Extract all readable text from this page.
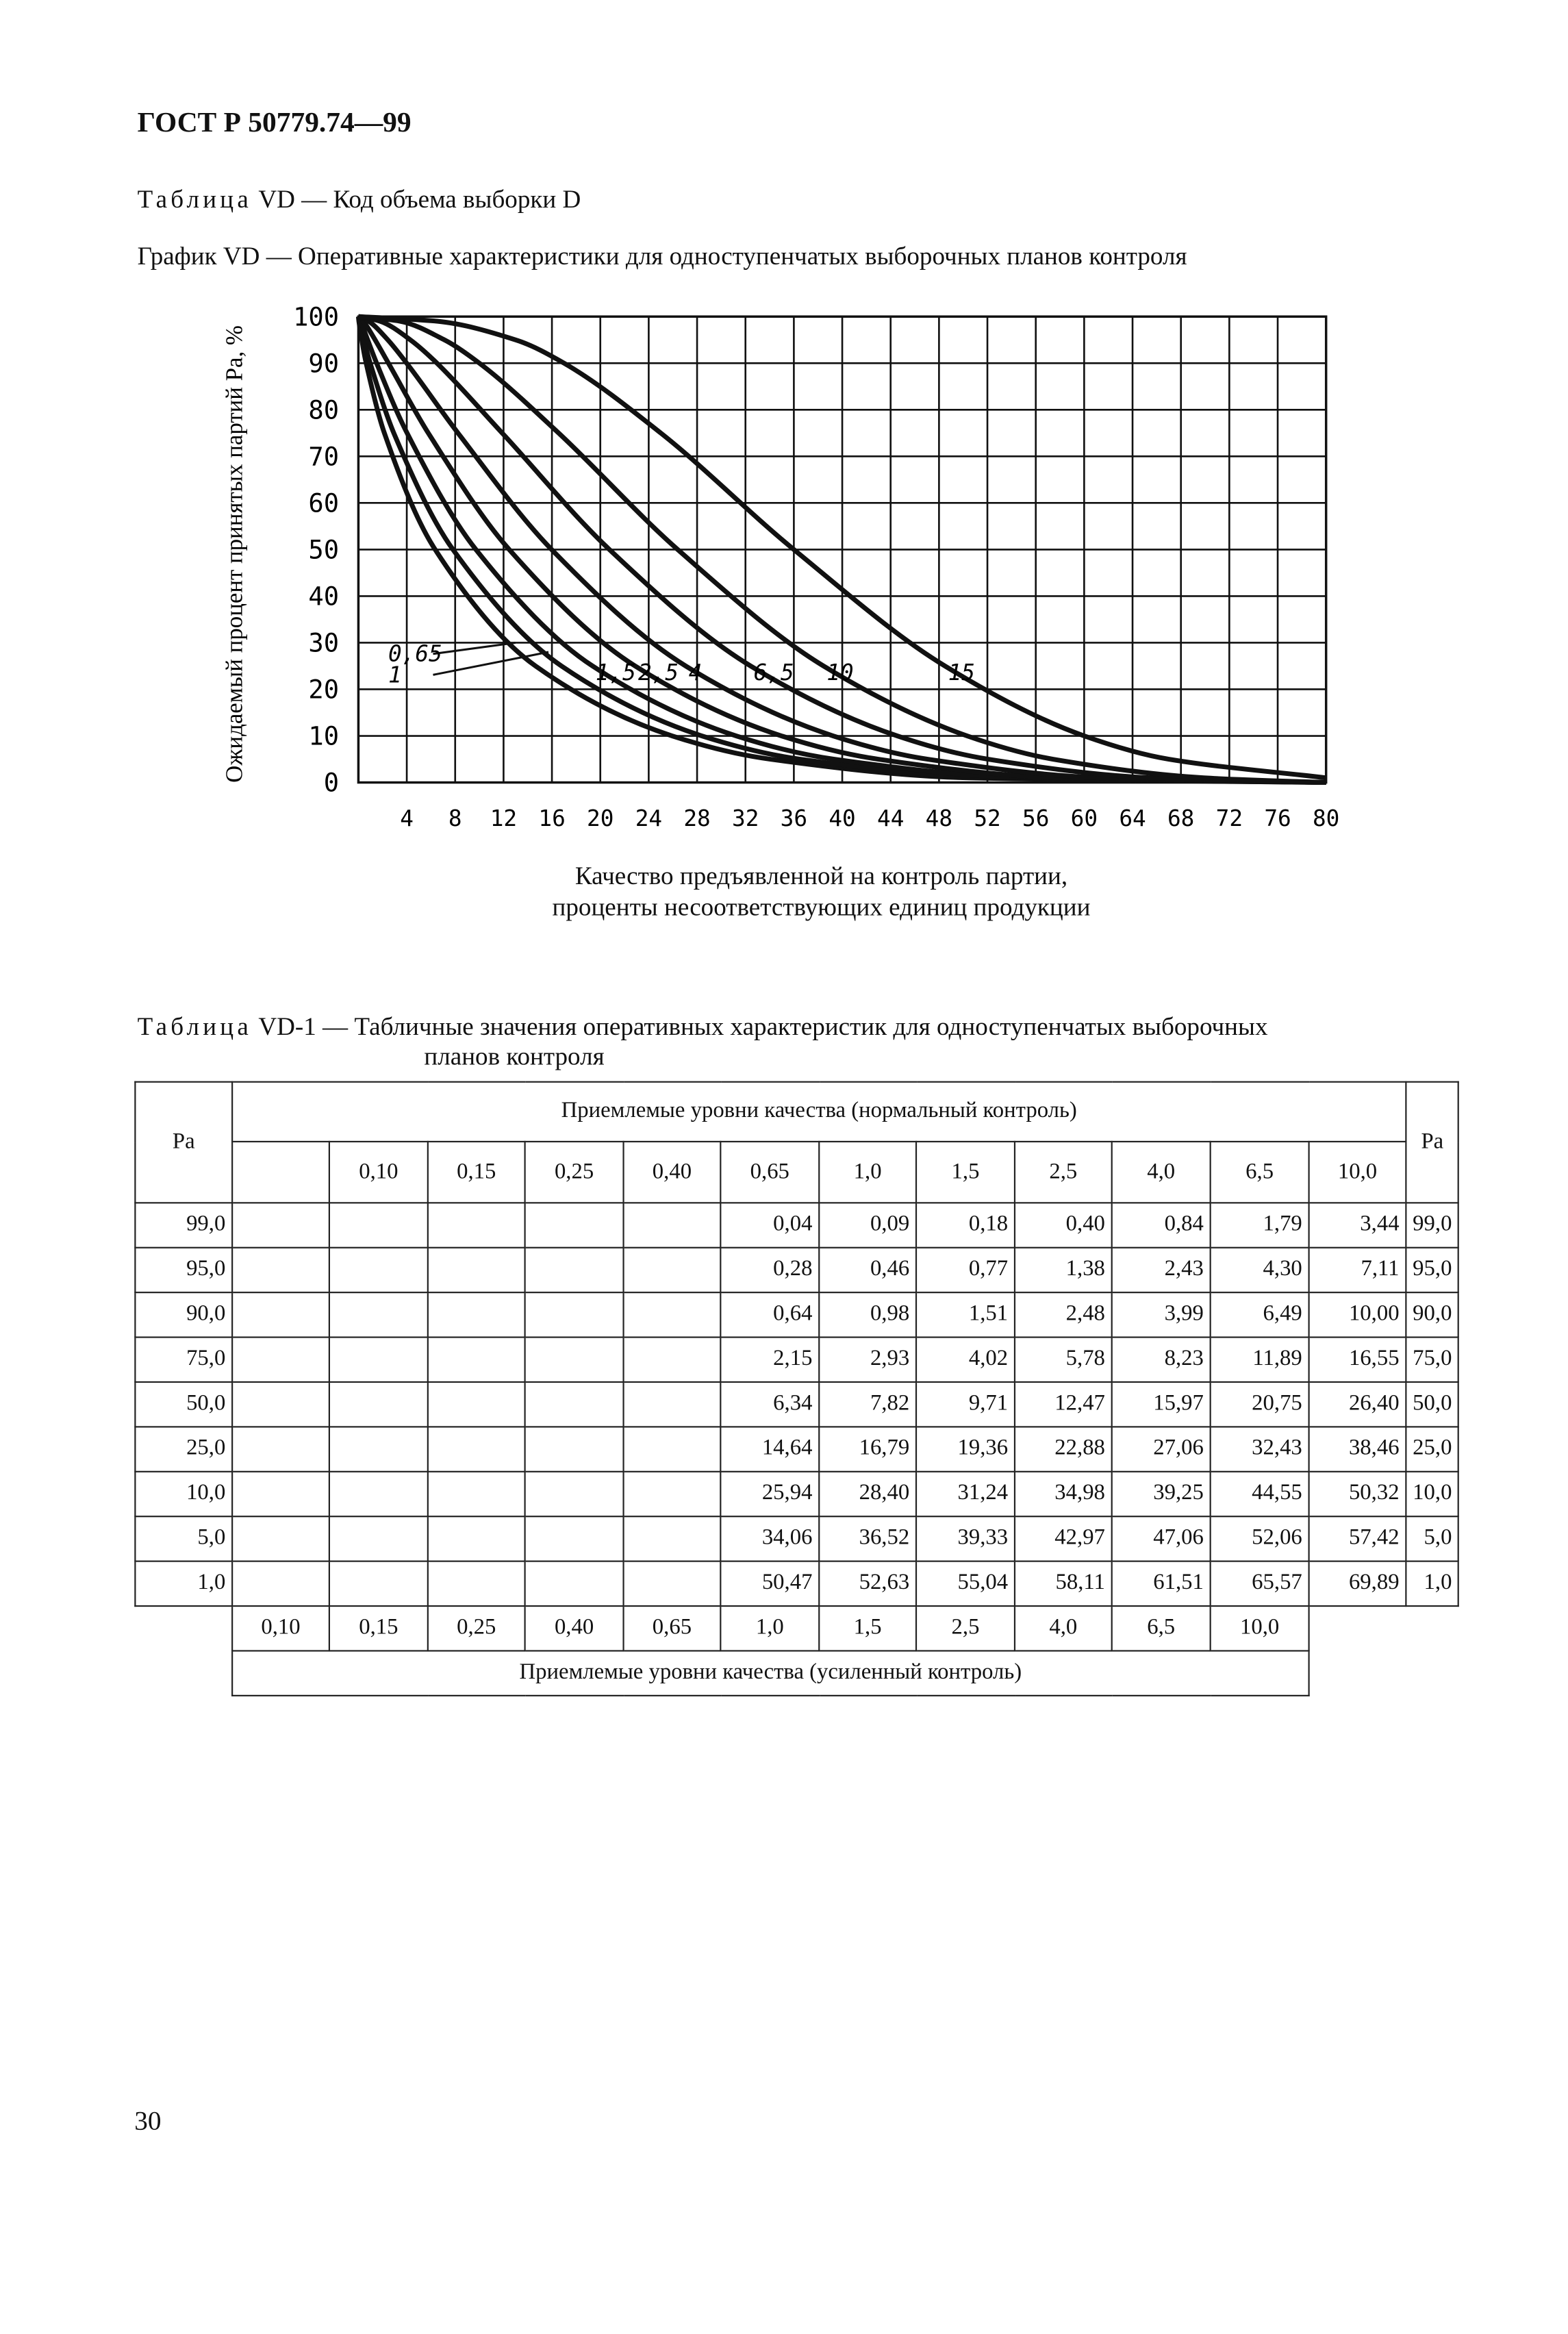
ГОСТ Р 50779.74—99
Таблица VD — Код объема выборки D
График VD — Оперативные характеристики для одноступенчатых выборочных планов контроля
0
10
20
30
40
50
60
70
80
90
100
4	8	12 16 20 24 28 32 36 40 44 48 52 56 60 64 68 72 76 80
Ожидаемый процент принятых партий Pa, %	0,65
1	1,5 2,5 4	6,5	10	15
Качество предъявленной на контроль партии,
проценты несоответствующих единиц продукции
Таблица VD-1 — Табличные значения оперативных характеристик для одноступенчатых выборочных
планов контроля
Pa	Приемлемые уровни качества (нормальный контроль)												Pa
		0,10	0,15	0,25	0,40	0,65	1,0	1,5	2,5	4,0	6,5	10,0	
99,0						0,04	0,09	0,18	0,40	0,84	1,79	3,44	99,0
95,0						0,28	0,46	0,77	1,38	2,43	4,30	7,11	95,0
90,0						0,64	0,98	1,51	2,48	3,99	6,49	10,00	90,0
75,0						2,15	2,93	4,02	5,78	8,23	11,89	16,55	75,0
50,0						6,34	7,82	9,71	12,47	15,97	20,75	26,40	50,0
25,0						14,64	16,79	19,36	22,88	27,06	32,43	38,46	25,0
10,0						25,94	28,40	31,24	34,98	39,25	44,55	50,32	10,0
5,0						34,06	36,52	39,33	42,97	47,06	52,06	57,42	5,0
1,0						50,47	52,63	55,04	58,11	61,51	65,57	69,89	1,0
	0,10	0,15	0,25	0,40	0,65	1,0	1,5	2,5	4,0	6,5	10,0		
	Приемлемые уровни качества (усиленный контроль)												
30
